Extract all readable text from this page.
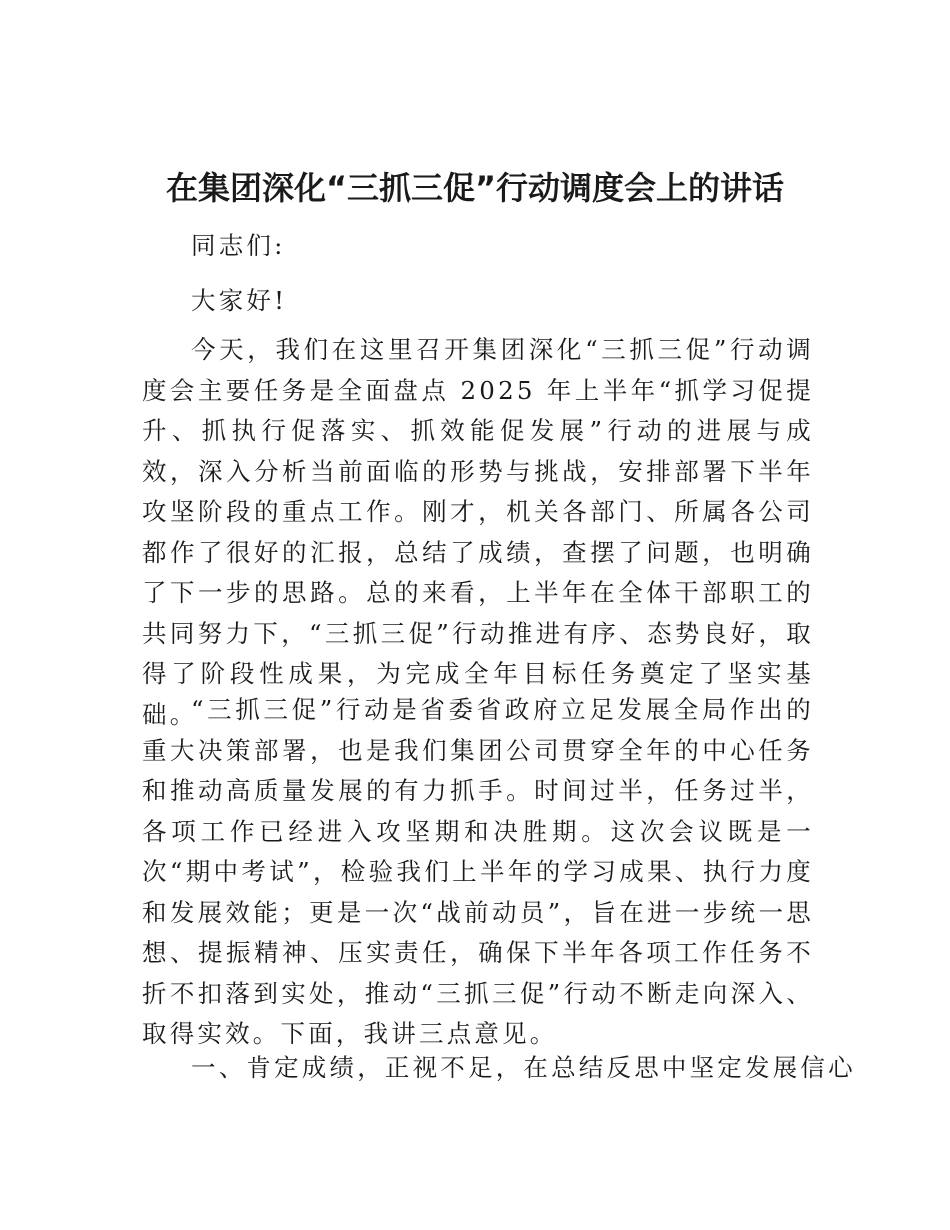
在集团深化“三抓三促”行动调度会上的讲话
同志们:
大家好!
今天，我们在这里召开集团深化“三抓三促”行动调度会主要任务是全面盘点 2025 年上半年“抓学习促提升、抓执行促落实、抓效能促发展”行动的进展与成效，深入分析当前面临的形势与挑战，安排部署下半年攻坚阶段的重点工作。刚才，机关各部门、所属各公司都作了很好的汇报，总结了成绩，查摆了问题，也明确了下一步的思路。总的来看，上半年在全体干部职工的共同努力下，“三抓三促”行动推进有序、态势良好，取得了阶段性成果，为完成全年目标任务奠定了坚实基础。
“三抓三促”行动是省委省政府立足发展全局作出的重大决策部署，也是我们集团公司贯穿全年的中心任务和推动高质量发展的有力抓手。时间过半，任务过半，各项工作已经进入攻坚期和决胜期。这次会议既是一次“期中考试”，检验我们上半年的学习成果、执行力度和发展效能；更是一次“战前动员”，旨在进一步统一思想、提振精神、压实责任，确保下半年各项工作任务不折不扣落到实处，推动“三抓三促”行动不断走向深入、取得实效。下面，我讲三点意见。
一、肯定成绩，正视不足，在总结反思中坚定发展信心
